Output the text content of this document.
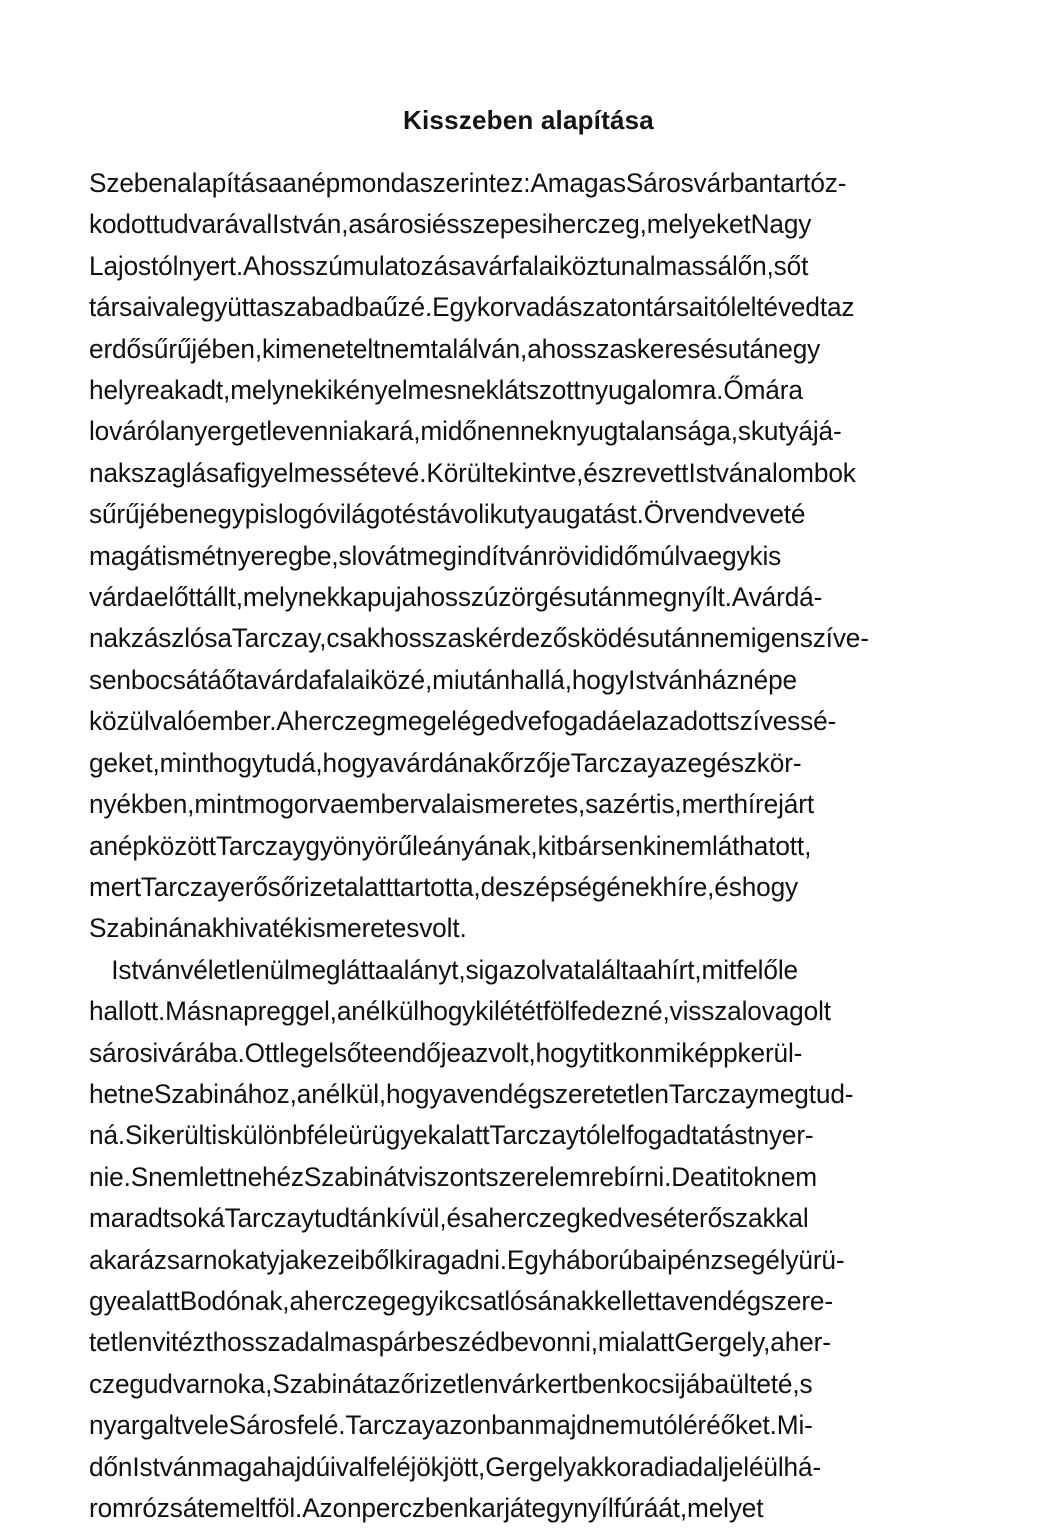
Kisszeben alapítása
Szebenalapításaanépmondaszerintez:AmagasSárosvárbantartóz-
kodottudvarávalIstván,asárosiésszepesiherczeg,melyeketNagy
Lajostólnyert.Ahosszúmulatozásavárfalaiköztunalmassálőn,sőt
társaivalegyüttaszabadbaűzé.Egykorvadászatontársaitóleltévedtaz
erdősűrűjében,kimeneteltnemtalálván,ahosszaskeresésutánegy
helyreakadt,melynekikényelmesneklátszottnyugalomra.Őmára
lovárólanyergetlevenniakará,midőnenneknyugtalansága,skutyájá-
nakszaglásafigyelmessétevé.Körültekintve,észrevettIstvánalombok
sűrűjébenegypislogóvilágotéstávolikutyaugatást.Örvendveveté
magátismétnyeregbe,slovátmegindítvánrövididőmúlvaegykis
várdaelőttállt,melynekkapujahosszúzörgésutánmegnyílt.Avárdá-
nakzászlósaTarczay,csakhosszaskérdezősködésutánnemigenszíve-
senbocsátáőtavárdafalaiközé,miutánhallá,hogyIstvánháznépe
közülvalóember.Aherczegmegelégedvefogadáelazadottszívessé-
geket,minthogytudá,hogyavárdánakőrzőjeTarczayazegészkör-
nyékben,mintmogorvaembervalaismeretes,sazértis,merthírejárt
anépközöttTarczaygyönyörűleányának,kitbársenkinemláthatott,
mertTarczayerősőrizetalatttartotta,deszépségénekhíre,éshogy
Szabinánakhivatékismeretesvolt.
Istvánvéletlenülmegláttaalányt,sigazolvataláltaahírt,mitfelőle
hallott.Másnapreggel,anélkülhogykilététfölfedezné,visszalovagolt
sárosivárába.Ottlegelsőteendőjeazvolt,hogytitkonmiképpkerül-
hetneSzabinához,anélkül,hogyavendégszeretetlenTarczaymegtud-
ná.SikerültiskülönbféleürügyekalattTarczaytólelfogadtatástnyer-
nie.SnemlettnehézSzabinátviszontszerelemrebírni.Deatitoknem
maradtsokáTarczaytudtánkívül,ésaherczegkedveséterőszakkal
akarázsarnokatyjakezeibőlkiragadni.Egyháborúbaipénzsegélyürü-
gyealattBodónak,aherczegegyikcsatlósánakkellettavendégszere-
tetlenvitézthosszadalmaspárbeszédbevonni,mialattGergely,aher-
czegudvarnoka,Szabinátazőrizetlenvárkertbenkocsijábaülteté,s
nyargaltveleSárosfelé.Tarczayazonbanmajdnemutóléréőket.Mi-
dőnIstvánmagahajdúivalfeléjökjött,Gergelyakkoradiadaljeléülhá-
romrózsátemeltföl.Azonperczbenkarjátegynyílfúráát,melyet
